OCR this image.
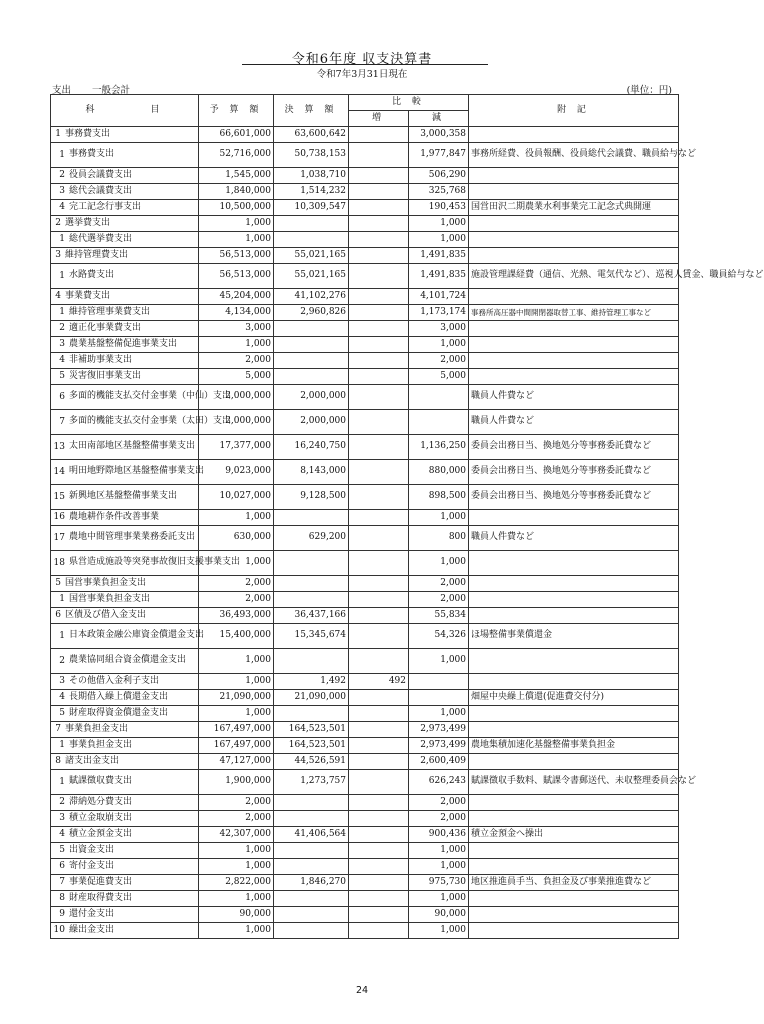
令和6年度 収支決算書
令和7年3月31日現在
支出 一般会計	(単位：円)
科　　　　目	予 算 額	決 算 額	比 較		附 記
			増	減	
1 事務費支出	66,601,000	63,600,642		3,000,358	
1 事務費支出	52,716,000	50,738,153		1,977,847	事務所経費、役員報酬、役員総代会議費、職員給与など
2 役員会議費支出	1,545,000	1,038,710		506,290	
3 総代会議費支出	1,840,000	1,514,232		325,768	
4 完工記念行事支出	10,500,000	10,309,547		190,453	国営田沢二期農業水利事業完工記念式典開運
2 選挙費支出	1,000			1,000	
1 総代選挙費支出	1,000			1,000	
3 維持管理費支出	56,513,000	55,021,165		1,491,835	
1 水路費支出	56,513,000	55,021,165		1,491,835	施設管理課経費（通信、光熱、電気代など）、巡視人賃金、職員給与など
4 事業費支出	45,204,000	41,102,276		4,101,724	
1 維持管理事業費支出	4,134,000	2,960,826		1,173,174	事務所高圧器中間開閉器取替工事、維持管理工事など
2 適正化事業費支出	3,000			3,000	
3 農業基盤整備促進事業支出	1,000			1,000	
4 非補助事業支出	2,000			2,000	
5 災害復旧事業支出	5,000			5,000	
6 多面的機能支払交付金事業（中仙）支出	2,000,000	2,000,000			職員人件費など
7 多面的機能支払交付金事業（太田）支出	2,000,000	2,000,000			職員人件費など
13 太田南部地区基盤整備事業支出	17,377,000	16,240,750		1,136,250	委員会出務日当、換地処分等事務委託費など
14 明田地野際地区基盤整備事業支出	9,023,000	8,143,000		880,000	委員会出務日当、換地処分等事務委託費など
15 新興地区基盤整備事業支出	10,027,000	9,128,500		898,500	委員会出務日当、換地処分等事務委託費など
16 農地耕作条件改善事業	1,000			1,000	
17 農地中間管理事業業務委託支出	630,000	629,200		800	職員人件費など
18 県営造成施設等突発事故復旧支援事業支出	1,000			1,000	
5 国営事業負担金支出	2,000			2,000	
1 国営事業負担金支出	2,000			2,000	
6 区債及び借入金支出	36,493,000	36,437,166		55,834	
1 日本政策金融公庫資金償還金支出	15,400,000	15,345,674		54,326	ほ場整備事業償還金
2 農業協同組合資金償還金支出	1,000			1,000	
3 その他借入金利子支出	1,000	1,492	492		
4 長期借入繰上償還金支出	21,090,000	21,090,000			畑屋中央繰上償還(促進費交付分)
5 財産取得資金償還金支出	1,000			1,000	
7 事業負担金支出	167,497,000	164,523,501		2,973,499	
1 事業負担金支出	167,497,000	164,523,501		2,973,499	農地集積加速化基盤整備事業負担金
8 諸支出金支出	47,127,000	44,526,591		2,600,409	
1 賦課徴収費支出	1,900,000	1,273,757		626,243	賦課徴収手数料、賦課令書郵送代、未収整理委員会など
2 滞納処分費支出	2,000			2,000	
3 積立金取崩支出	2,000			2,000	
4 積立金預金支出	42,307,000	41,406,564		900,436	積立金預金へ操出
5 出資金支出	1,000			1,000	
6 寄付金支出	1,000			1,000	
7 事業促進費支出	2,822,000	1,846,270		975,730	地区推進員手当、負担金及び事業推進費など
8 財産取得費支出	1,000			1,000	
9 還付金支出	90,000			90,000	
10 繰出金支出	1,000			1,000	
24
